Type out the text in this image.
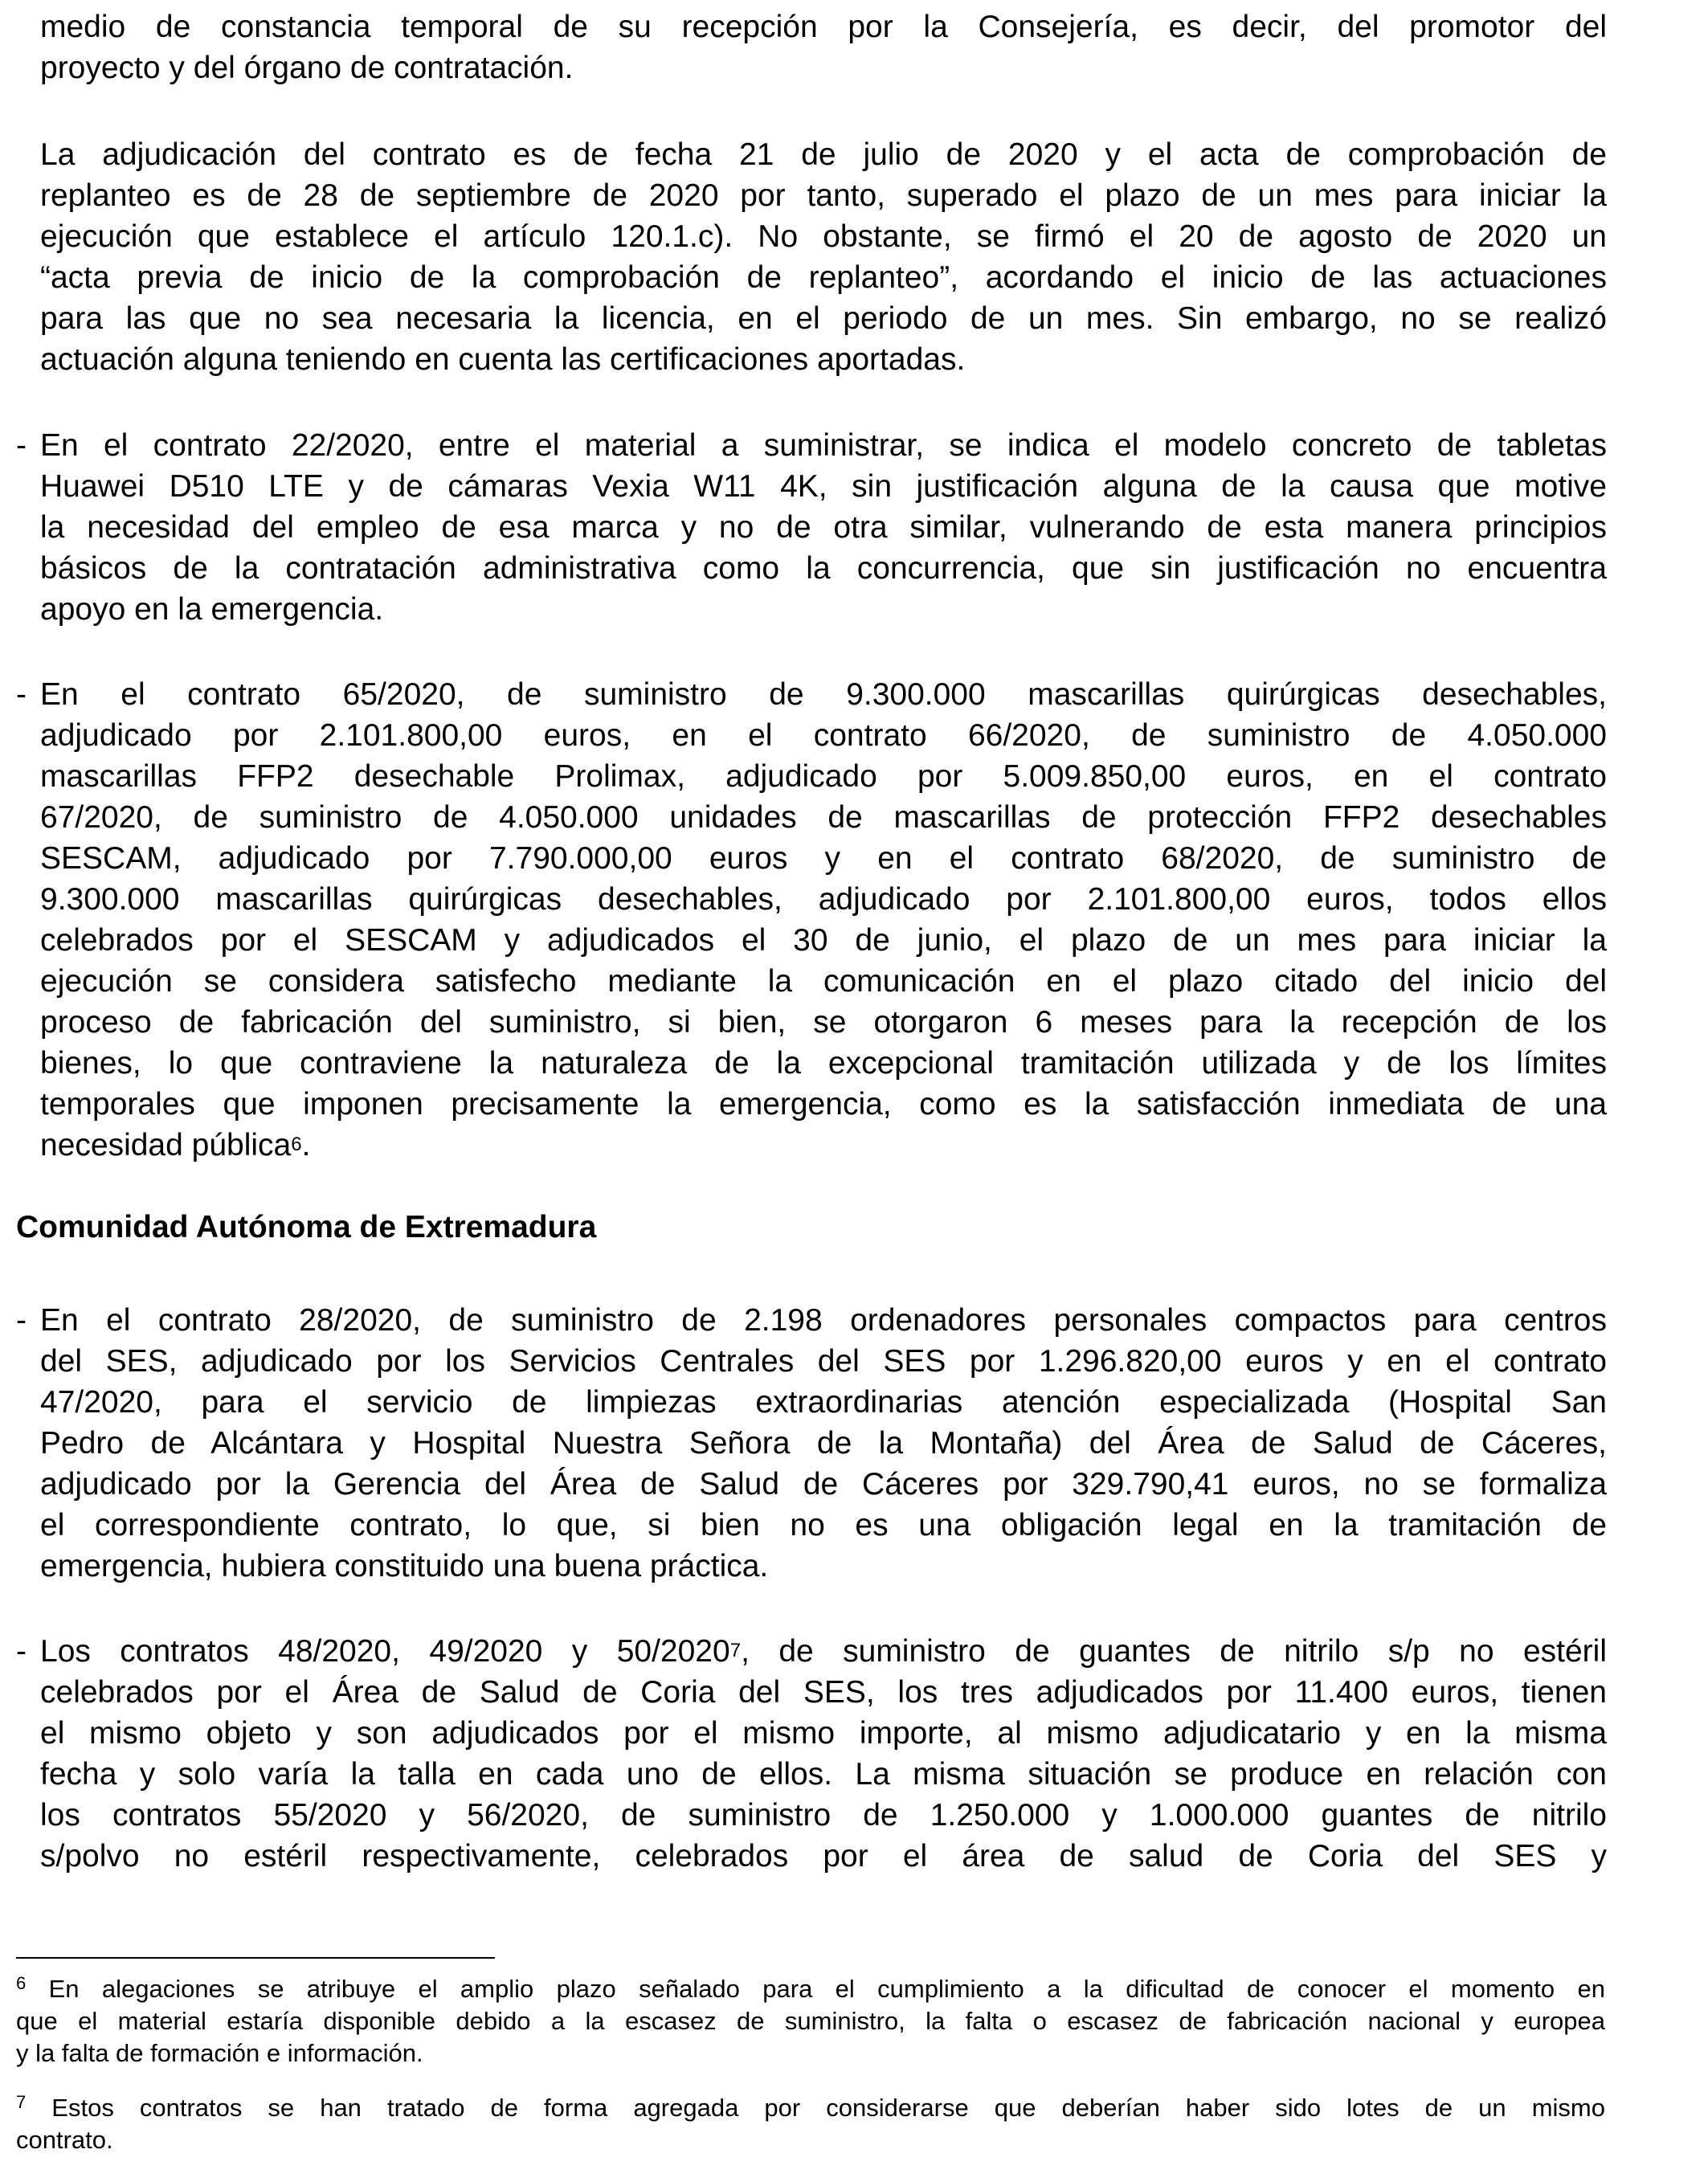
medio de constancia temporal de su recepción por la Consejería, es decir, del promotor del
proyecto y del órgano de contratación.
La adjudicación del contrato es de fecha 21 de julio de 2020 y el acta de comprobación de
replanteo es de 28 de septiembre de 2020 por tanto, superado el plazo de un mes para iniciar la
ejecución que establece el artículo 120.1.c). No obstante, se firmó el 20 de agosto de 2020 un
“acta previa de inicio de la comprobación de replanteo”, acordando el inicio de las actuaciones
para las que no sea necesaria la licencia, en el periodo de un mes. Sin embargo, no se realizó
actuación alguna teniendo en cuenta las certificaciones aportadas.
- En el contrato 22/2020, entre el material a suministrar, se indica el modelo concreto de tabletas
Huawei D510 LTE y de cámaras Vexia W11 4K, sin justificación alguna de la causa que motive
la necesidad del empleo de esa marca y no de otra similar, vulnerando de esta manera principios
básicos de la contratación administrativa como la concurrencia, que sin justificación no encuentra
apoyo en la emergencia.
- En el contrato 65/2020, de suministro de 9.300.000 mascarillas quirúrgicas desechables,
adjudicado por 2.101.800,00 euros, en el contrato 66/2020, de suministro de 4.050.000
mascarillas FFP2 desechable Prolimax, adjudicado por 5.009.850,00 euros, en el contrato
67/2020, de suministro de 4.050.000 unidades de mascarillas de protección FFP2 desechables
SESCAM, adjudicado por 7.790.000,00 euros y en el contrato 68/2020, de suministro de
9.300.000 mascarillas quirúrgicas desechables, adjudicado por 2.101.800,00 euros, todos ellos
celebrados por el SESCAM y adjudicados el 30 de junio, el plazo de un mes para iniciar la
ejecución se considera satisfecho mediante la comunicación en el plazo citado del inicio del
proceso de fabricación del suministro, si bien, se otorgaron 6 meses para la recepción de los
bienes, lo que contraviene la naturaleza de la excepcional tramitación utilizada y de los límites
temporales que imponen precisamente la emergencia, como es la satisfacción inmediata de una
necesidad pública$^6$.
Comunidad Autónoma de Extremadura
- En el contrato 28/2020, de suministro de 2.198 ordenadores personales compactos para centros
del SES, adjudicado por los Servicios Centrales del SES por 1.296.820,00 euros y en el contrato
47/2020, para el servicio de limpiezas extraordinarias atención especializada (Hospital San
Pedro de Alcántara y Hospital Nuestra Señora de la Montaña) del Área de Salud de Cáceres,
adjudicado por la Gerencia del Área de Salud de Cáceres por 329.790,41 euros, no se formaliza
el correspondiente contrato, lo que, si bien no es una obligación legal en la tramitación de
emergencia, hubiera constituido una buena práctica.
- Los contratos 48/2020, 49/2020 y 50/2020$^7$, de suministro de guantes de nitrilo s/p no estéril
celebrados por el Área de Salud de Coria del SES, los tres adjudicados por 11.400 euros, tienen
el mismo objeto y son adjudicados por el mismo importe, al mismo adjudicatario y en la misma
fecha y solo varía la talla en cada uno de ellos. La misma situación se produce en relación con
los contratos 55/2020 y 56/2020, de suministro de 1.250.000 y 1.000.000 guantes de nitrilo
s/polvo no estéril respectivamente, celebrados por el área de salud de Coria del SES y
$^6$ En alegaciones se atribuye el amplio plazo señalado para el cumplimiento a la dificultad de conocer el momento en
que el material estaría disponible debido a la escasez de suministro, la falta o escasez de fabricación nacional y europea
y la falta de formación e información.
$^7$ Estos contratos se han tratado de forma agregada por considerarse que deberían haber sido lotes de un mismo
contrato.
